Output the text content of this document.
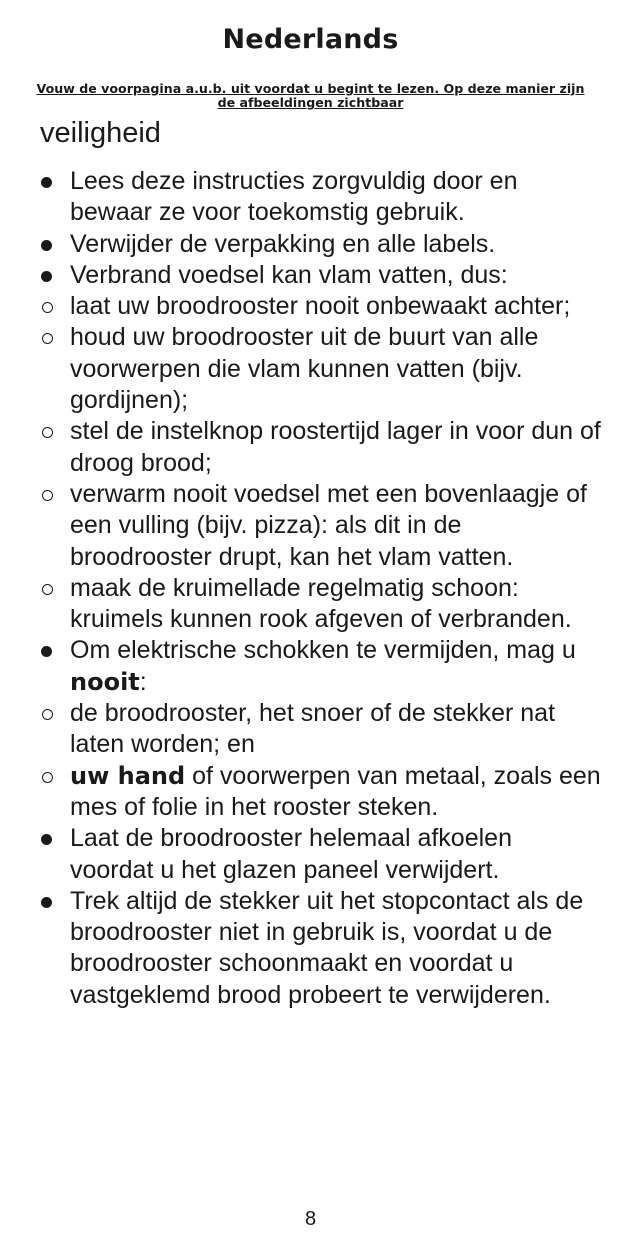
Nederlands

Vouw de voorpagina a.u.b. uit voordat u begint te lezen. Op deze manier zijn de afbeeldingen zichtbaar

veiligheid
Lees deze instructies zorgvuldig door en bewaar ze voor toekomstig gebruik.
Verwijder de verpakking en alle labels.
Verbrand voedsel kan vlam vatten, dus:
laat uw broodrooster nooit onbewaakt achter;
houd uw broodrooster uit de buurt van alle voorwerpen die vlam kunnen vatten (bijv. gordijnen);
stel de instelknop roostertijd lager in voor dun of droog brood;
verwarm nooit voedsel met een bovenlaagje of een vulling (bijv. pizza): als dit in de broodrooster drupt, kan het vlam vatten.
maak de kruimellade regelmatig schoon: kruimels kunnen rook afgeven of verbranden.
Om elektrische schokken te vermijden, mag u nooit:
de broodrooster, het snoer of de stekker nat laten worden; en
uw hand of voorwerpen van metaal, zoals een mes of folie in het rooster steken.
Laat de broodrooster helemaal afkoelen voordat u het glazen paneel verwijdert.
Trek altijd de stekker uit het stopcontact als de broodrooster niet in gebruik is, voordat u de broodrooster schoonmaakt en voordat u vastgeklemd brood probeert te verwijderen.
8
